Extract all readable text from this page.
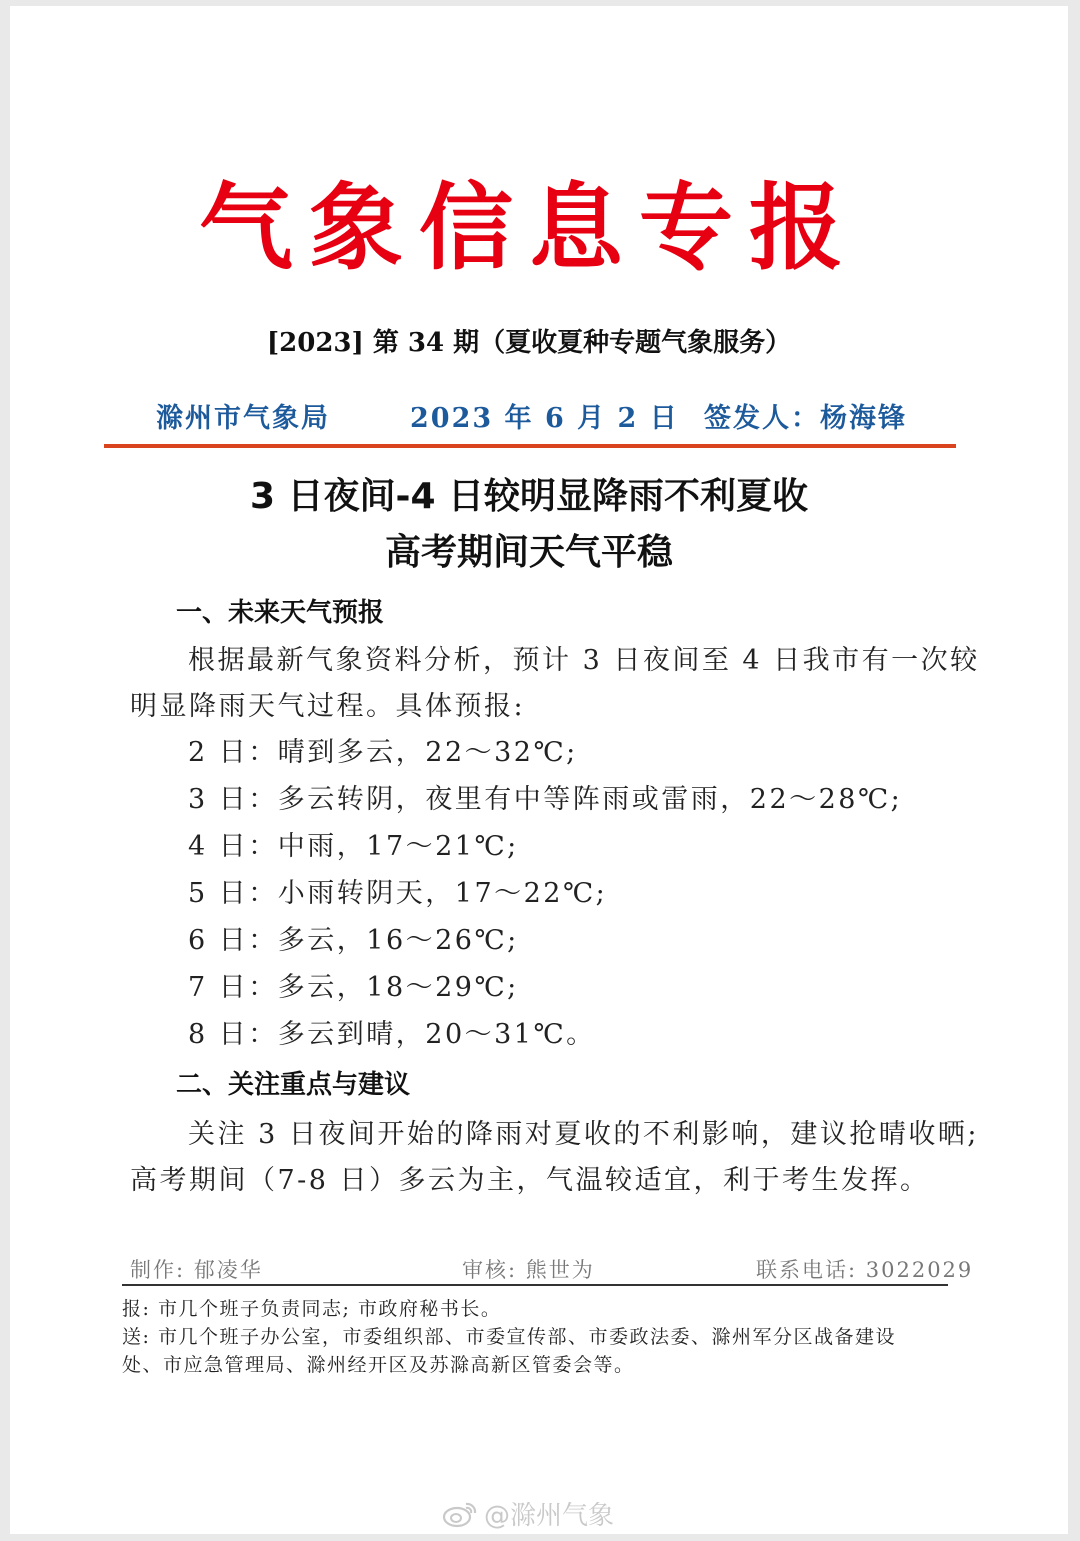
气象信息专报
[2023] 第 34 期（夏收夏种专题气象服务）
滁州市气象局	2023 年 6 月 2 日 签发人：杨海锋
3 日夜间-4 日较明显降雨不利夏收
高考期间天气平稳
一、未来天气预报
根据最新气象资料分析，预计 3 日夜间至 4 日我市有一次较
明显降雨天气过程。具体预报:
2 日：晴到多云，22～32℃;
3 日：多云转阴，夜里有中等阵雨或雷雨，22～28℃;
4 日：中雨，17～21℃;
5 日：小雨转阴天，17～22℃;
6 日：多云，16～26℃;
7 日：多云，18～29℃;
8 日：多云到晴，20～31℃。
二、关注重点与建议
关注 3 日夜间开始的降雨对夏收的不利影响，建议抢晴收晒;
高考期间（7-8 日）多云为主，气温较适宜，利于考生发挥。
制作: 郁凌华	审核: 熊世为	联系电话: 3022029
报: 市几个班子负责同志; 市政府秘书长。
送: 市几个班子办公室，市委组织部、市委宣传部、市委政法委、滁州军分区战备建设
处、市应急管理局、滁州经开区及苏滁高新区管委会等。
@滁州气象
